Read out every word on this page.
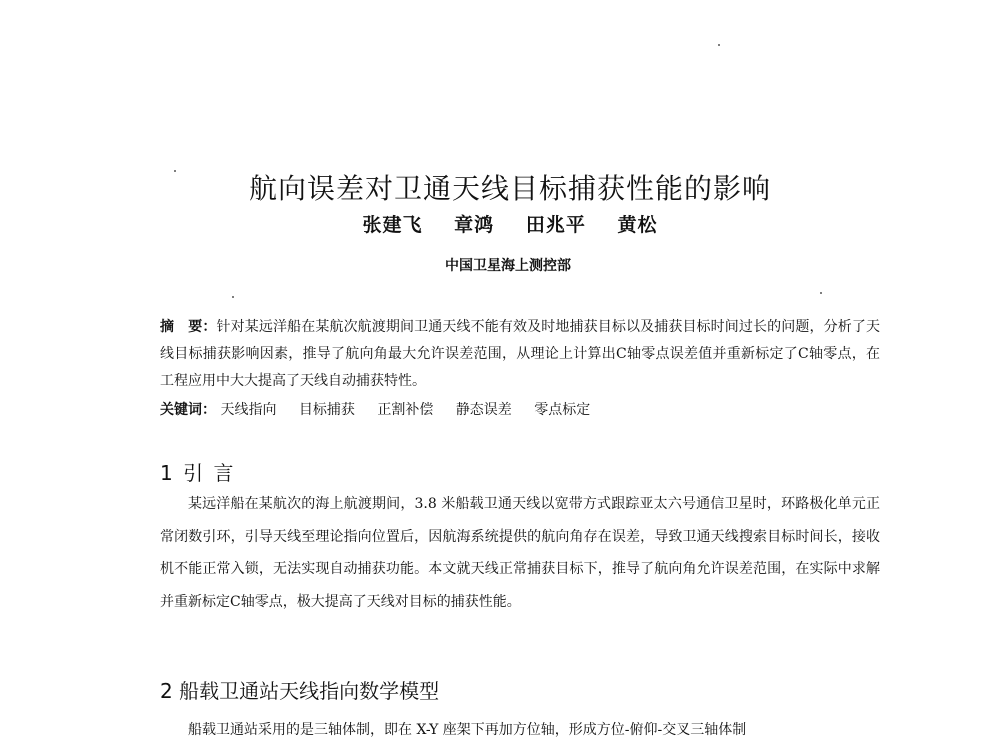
航向误差对卫通天线目标捕获性能的影响
张建飞 章鸿 田兆平 黄松
中国卫星海上测控部
摘　要：针对某远洋船在某航次航渡期间卫通天线不能有效及时地捕获目标以及捕获目标时间过长的问题，分析了天线目标捕获影响因素，推导了航向角最大允许误差范围，从理论上计算出C轴零点误差值并重新标定了C轴零点，在工程应用中大大提高了天线自动捕获特性。
关键词： 天线指向 目标捕获 正割补偿 静态误差 零点标定
1 引 言
某远洋船在某航次的海上航渡期间，3.8 米船载卫通天线以宽带方式跟踪亚太六号通信卫星时，环路极化单元正常闭数引环，引导天线至理论指向位置后，因航海系统提供的航向角存在误差，导致卫通天线搜索目标时间长，接收机不能正常入锁，无法实现自动捕获功能。本文就天线正常捕获目标下，推导了航向角允许误差范围，在实际中求解并重新标定C轴零点，极大提高了天线对目标的捕获性能。
2 船载卫通站天线指向数学模型
船载卫通站采用的是三轴体制，即在 X-Y 座架下再加方位轴，形成方位-俯仰-交叉三轴体制
